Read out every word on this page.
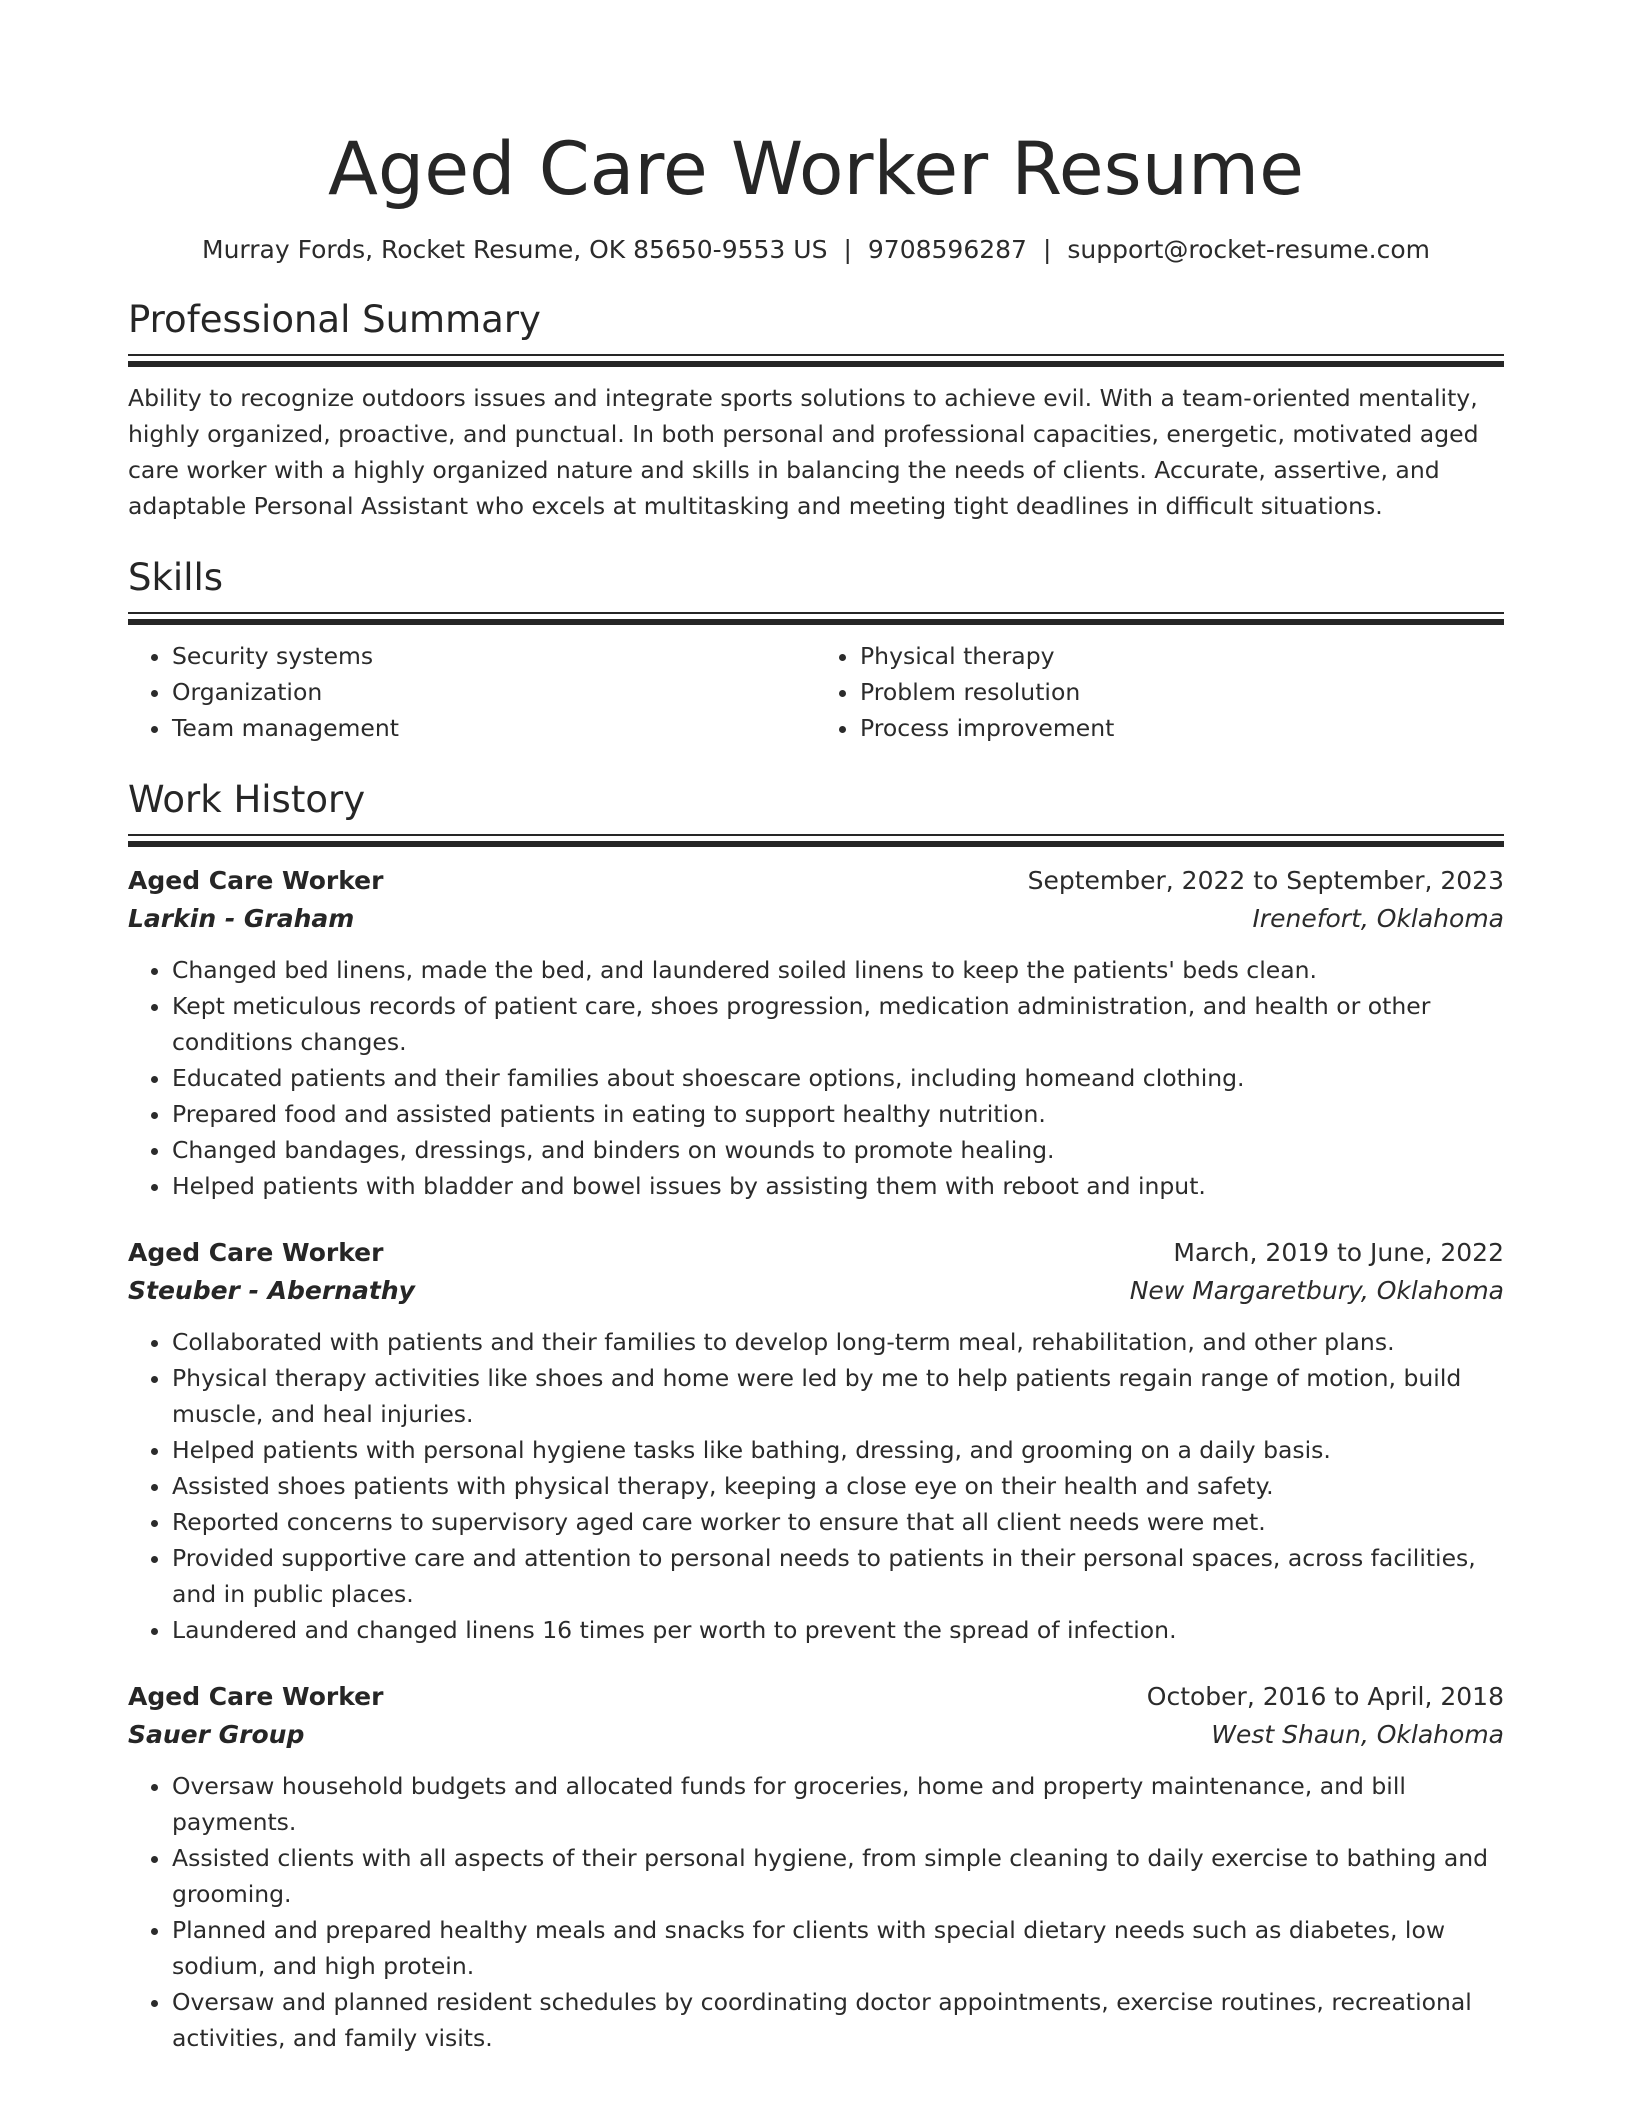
Aged Care Worker Resume
Murray Fords, Rocket Resume, OK 85650-9553 US | 9708596287 | support@rocket-resume.com
Professional Summary

Ability to recognize outdoors issues and integrate sports solutions to achieve evil. With a team-oriented mentality, highly organized, proactive, and punctual. In both personal and professional capacities, energetic, motivated aged care worker with a highly organized nature and skills in balancing the needs of clients. Accurate, assertive, and adaptable Personal Assistant who excels at multitasking and meeting tight deadlines in difficult situations.

Skills
• Security systems
• Organization
• Team management
• Physical therapy
• Problem resolution
• Process improvement
Work History
Aged Care Worker	September, 2022 to September, 2023
Larkin - Graham	Irenefort, Oklahoma
• Changed bed linens, made the bed, and laundered soiled linens to keep the patients' beds clean.
• Kept meticulous records of patient care, shoes progression, medication administration, and health or other conditions changes.
• Educated patients and their families about shoescare options, including homeand clothing.
• Prepared food and assisted patients in eating to support healthy nutrition.
• Changed bandages, dressings, and binders on wounds to promote healing.
• Helped patients with bladder and bowel issues by assisting them with reboot and input.
Aged Care Worker	March, 2019 to June, 2022
Steuber - Abernathy	New Margaretbury, Oklahoma
• Collaborated with patients and their families to develop long-term meal, rehabilitation, and other plans.
• Physical therapy activities like shoes and home were led by me to help patients regain range of motion, build muscle, and heal injuries.
• Helped patients with personal hygiene tasks like bathing, dressing, and grooming on a daily basis.
• Assisted shoes patients with physical therapy, keeping a close eye on their health and safety.
• Reported concerns to supervisory aged care worker to ensure that all client needs were met.
• Provided supportive care and attention to personal needs to patients in their personal spaces, across facilities, and in public places.
• Laundered and changed linens 16 times per worth to prevent the spread of infection.
Aged Care Worker	October, 2016 to April, 2018
Sauer Group	West Shaun, Oklahoma
• Oversaw household budgets and allocated funds for groceries, home and property maintenance, and bill payments.
• Assisted clients with all aspects of their personal hygiene, from simple cleaning to daily exercise to bathing and grooming.
• Planned and prepared healthy meals and snacks for clients with special dietary needs such as diabetes, low sodium, and high protein.
• Oversaw and planned resident schedules by coordinating doctor appointments, exercise routines, recreational activities, and family visits.
